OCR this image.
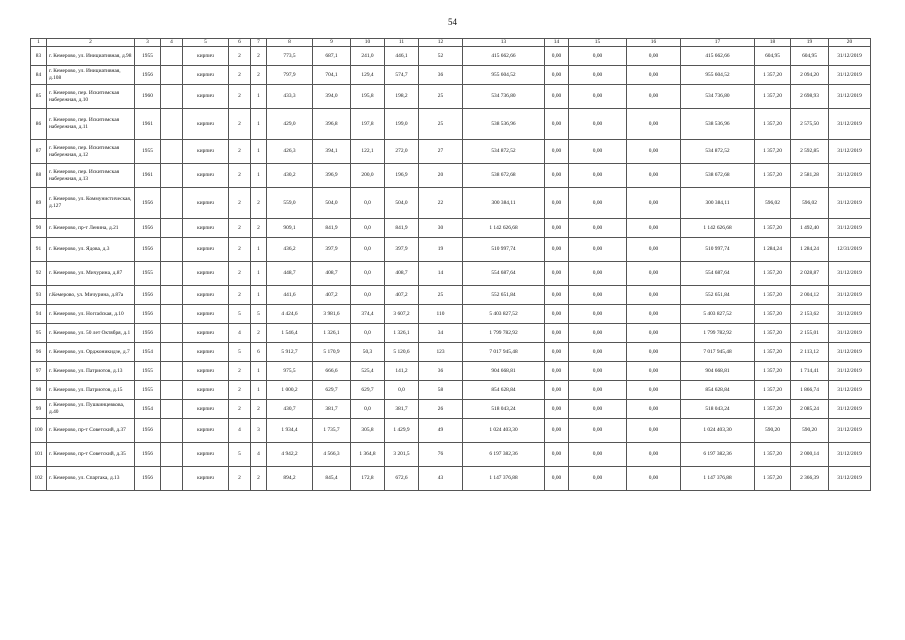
54
1	2	3	4	5	6	7	8	9	10	11	12	13	14	15	16	17	18	19	20
83	г. Кемерово, ул. Инициативная, д.98	1955		кирпич	2	2	773,5	687,1	241,0	446,1	52	415 662,66	0,00	0,00	0,00	415 662,66	604,95	604,95	31/12/2019
84	г. Кемерово, ул. Инициативная, д.108	1956		кирпич	2	2	797,9	704,1	129,4	574,7	36	955 604,52	0,00	0,00	0,00	955 604,52	1 357,20	2 094,20	31/12/2019
85	г. Кемерово, пер. Искитимская набережная, д.10	1960		кирпич	2	1	433,3	394,0	195,8	198,2	25	534 736,80	0,00	0,00	0,00	534 736,80	1 357,20	2 698,93	31/12/2019
86	г. Кемерово, пер. Искитимская набережная, д.11	1961		кирпич	2	1	429,0	396,8	197,8	199,0	25	538 536,96	0,00	0,00	0,00	538 536,96	1 357,20	2 575,50	31/12/2019
87	г. Кемерово, пер. Искитимская набережная, д.12	1955		кирпич	2	1	426,3	394,1	122,1	272,0	27	534 872,52	0,00	0,00	0,00	534 872,52	1 357,20	2 592,85	31/12/2019
88	г. Кемерово, пер. Искитимская набережная, д.13	1961		кирпич	2	1	430,2	396,9	200,0	196,9	20	538 672,68	0,00	0,00	0,00	538 672,68	1 357,20	2 581,28	31/12/2019
89	г. Кемерово, ул. Коммунистическая, д.127	1956		кирпич	2	2	559,0	504,0	0,0	504,0	22	300 384,11	0,00	0,00	0,00	300 384,11	596,02	596,02	31/12/2019
90	г. Кемерово, пр-т Ленина, д.21	1956		кирпич	2	2	909,1	841,9	0,0	841,9	30	1 142 626,68	0,00	0,00	0,00	1 142 626,68	1 357,20	1 492,40	31/12/2019
91	г. Кемерово, ул. Ядова, д.3	1956		кирпич	2	1	436,2	397,9	0,0	397,9	19	510 997,74	0,00	0,00	0,00	510 997,74	1 284,24	1 284,24	12/31/2019
92	г. Кемерово, ул. Мичурина, д.87	1955		кирпич	2	1	448,7	408,7	0,0	408,7	14	554 687,64	0,00	0,00	0,00	554 687,64	1 357,20	2 028,87	31/12/2019
93	г.Кемерово, ул. Мичурина, д.87а	1956		кирпич	2	1	441,6	407,2	0,0	407,2	25	552 651,84	0,00	0,00	0,00	552 651,84	1 357,20	2 004,12	31/12/2019
94	г. Кемерово, ул. Ногradская, д.10	1956		кирпич	5	5	4 424,6	3 981,6	374,4	3 607,2	110	5 403 827,52	0,00	0,00	0,00	5 403 827,52	1 357,20	2 153,62	31/12/2019
95	г. Кемерово, ул. 50 лет Октября, д.1	1956		кирпич	4	2	1 546,4	1 326,1	0,0	1 326,1	34	1 799 782,92	0,00	0,00	0,00	1 799 782,92	1 357,20	2 155,01	31/12/2019
96	г. Кемерово, ул. Орджоникидзе, д.7	1954		кирпич	5	6	5 912,7	5 170,9	50,3	5 120,6	123	7 017 945,48	0,00	0,00	0,00	7 017 945,48	1 357,20	2 113,12	31/12/2019
97	г. Кемерово, ул. Патриотов, д.13	1955		кирпич	2	1	975,5	666,6	525,4	141,2	36	904 668,81	0,00	0,00	0,00	904 668,81	1 357,20	1 714,41	31/12/2019
98	г. Кемерово, ул. Патриотов, д.15	1955		кирпич	2	1	1 000,2	629,7	629,7	0,0	58	854 628,84	0,00	0,00	0,00	854 628,84	1 357,20	1 866,74	31/12/2019
99	г. Кемерово, ул. Пушкинцевкова, д.40	1954		кирпич	2	2	430,7	381,7	0,0	381,7	26	518 043,24	0,00	0,00	0,00	518 043,24	1 357,20	2 085,24	31/12/2019
100	г. Кемерово, пр-т Советский, д.37	1956		кирпич	4	3	1 934,4	1 735,7	305,8	1 429,9	49	1 024 403,30	0,00	0,00	0,00	1 024 403,30	590,20	590,20	31/12/2019
101	г. Кемерово, пр-т Советский, д.35	1956		кирпич	5	4	4 942,2	4 566,3	1 364,8	3 201,5	76	6 197 382,36	0,00	0,00	0,00	6 197 382,36	1 357,20	2 000,14	31/12/2019
102	г. Кемерово, ул. Спартака, д.13	1956		кирпич	2	2	894,2	845,4	172,8	672,6	43	1 147 376,88	0,00	0,00	0,00	1 147 376,88	1 357,20	2 366,39	31/12/2019
